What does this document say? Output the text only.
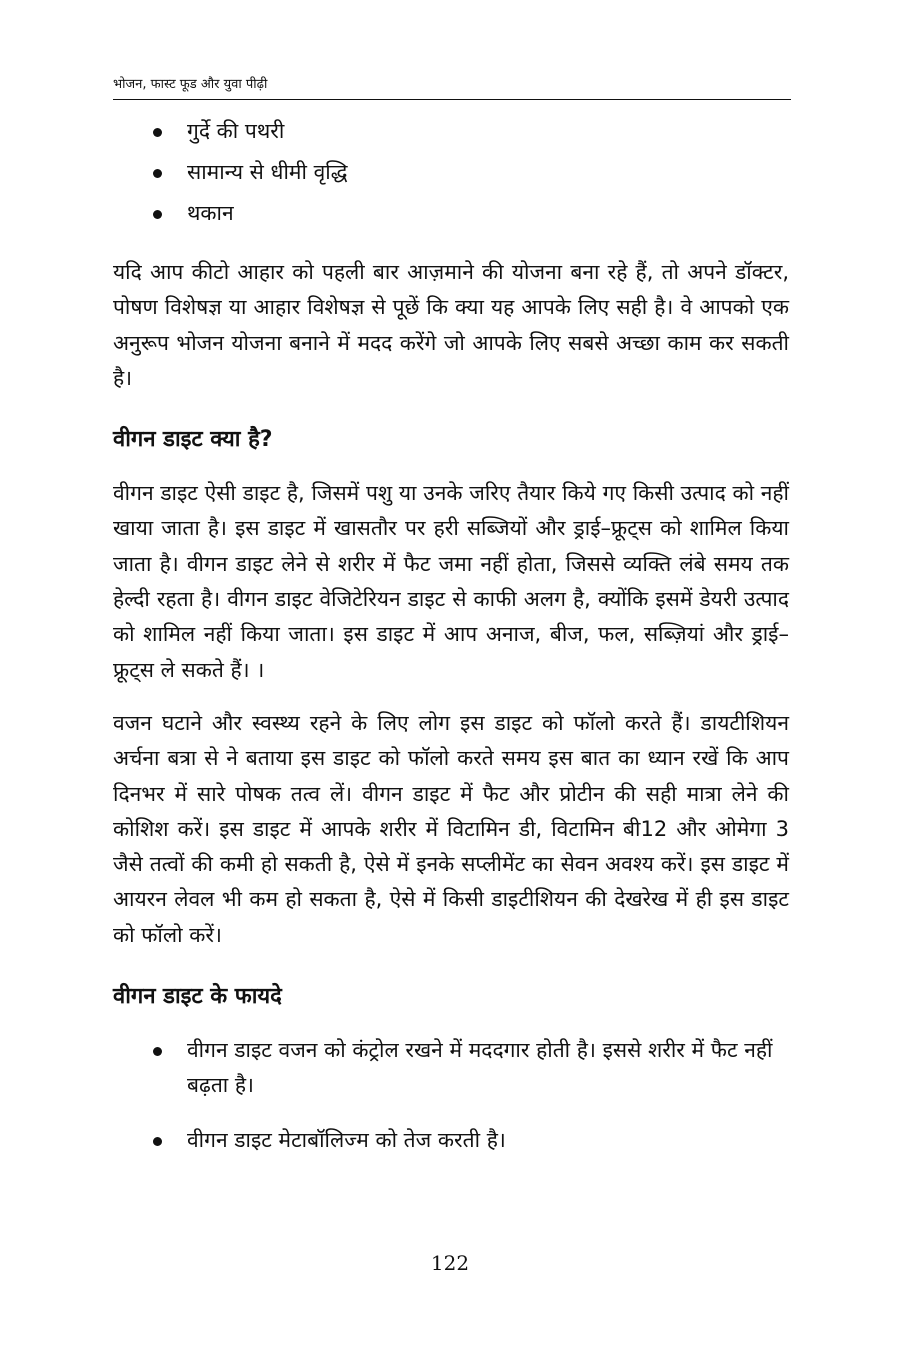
भोजन, फास्ट फूड और युवा पीढ़ी
गुर्दे की पथरी
सामान्य से धीमी वृद्धि
थकान

यदि आप कीटो आहार को पहली बार आज़माने की योजना बना रहे हैं, तो अपने डॉक्टर, पोषण विशेषज्ञ या आहार विशेषज्ञ से पूछें कि क्या यह आपके लिए सही है। वे आपको एक अनुरूप भोजन योजना बनाने में मदद करेंगे जो आपके लिए सबसे अच्छा काम कर सकती है।

वीगन डाइट क्या है?

वीगन डाइट ऐसी डाइट है, जिसमें पशु या उनके जरिए तैयार किये गए किसी उत्पाद को नहीं खाया जाता है। इस डाइट में खासतौर पर हरी सब्जियों और ड्राई–फ्रूट्स को शामिल किया जाता है। वीगन डाइट लेने से शरीर में फैट जमा नहीं होता, जिससे व्यक्ति लंबे समय तक हेल्दी रहता है। वीगन डाइट वेजिटेरियन डाइट से काफी अलग है, क्योंकि इसमें डेयरी उत्पाद को शामिल नहीं किया जाता। इस डाइट में आप अनाज, बीज, फल, सब्ज़ियां और ड्राई–फ्रूट्स ले सकते हैं। ।

वजन घटाने और स्वस्थ्य रहने के लिए लोग इस डाइट को फॉलो करते हैं। डायटीशियन अर्चना बत्रा से ने बताया इस डाइट को फॉलो करते समय इस बात का ध्यान रखें कि आप दिनभर में सारे पोषक तत्व लें। वीगन डाइट में फैट और प्रोटीन की सही मात्रा लेने की कोशिश करें। इस डाइट में आपके शरीर में विटामिन डी, विटामिन बी12 और ओमेगा 3 जैसे तत्वों की कमी हो सकती है, ऐसे में इनके सप्लीमेंट का सेवन अवश्य करें। इस डाइट में आयरन लेवल भी कम हो सकता है, ऐसे में किसी डाइटीशियन की देखरेख में ही इस डाइट को फॉलो करें।

वीगन डाइट के फायदे
वीगन डाइट वजन को कंट्रोल रखने में मददगार होती है। इससे शरीर में फैट नहीं बढ़ता है।
वीगन डाइट मेटाबॉलिज्म को तेज करती है।
122
